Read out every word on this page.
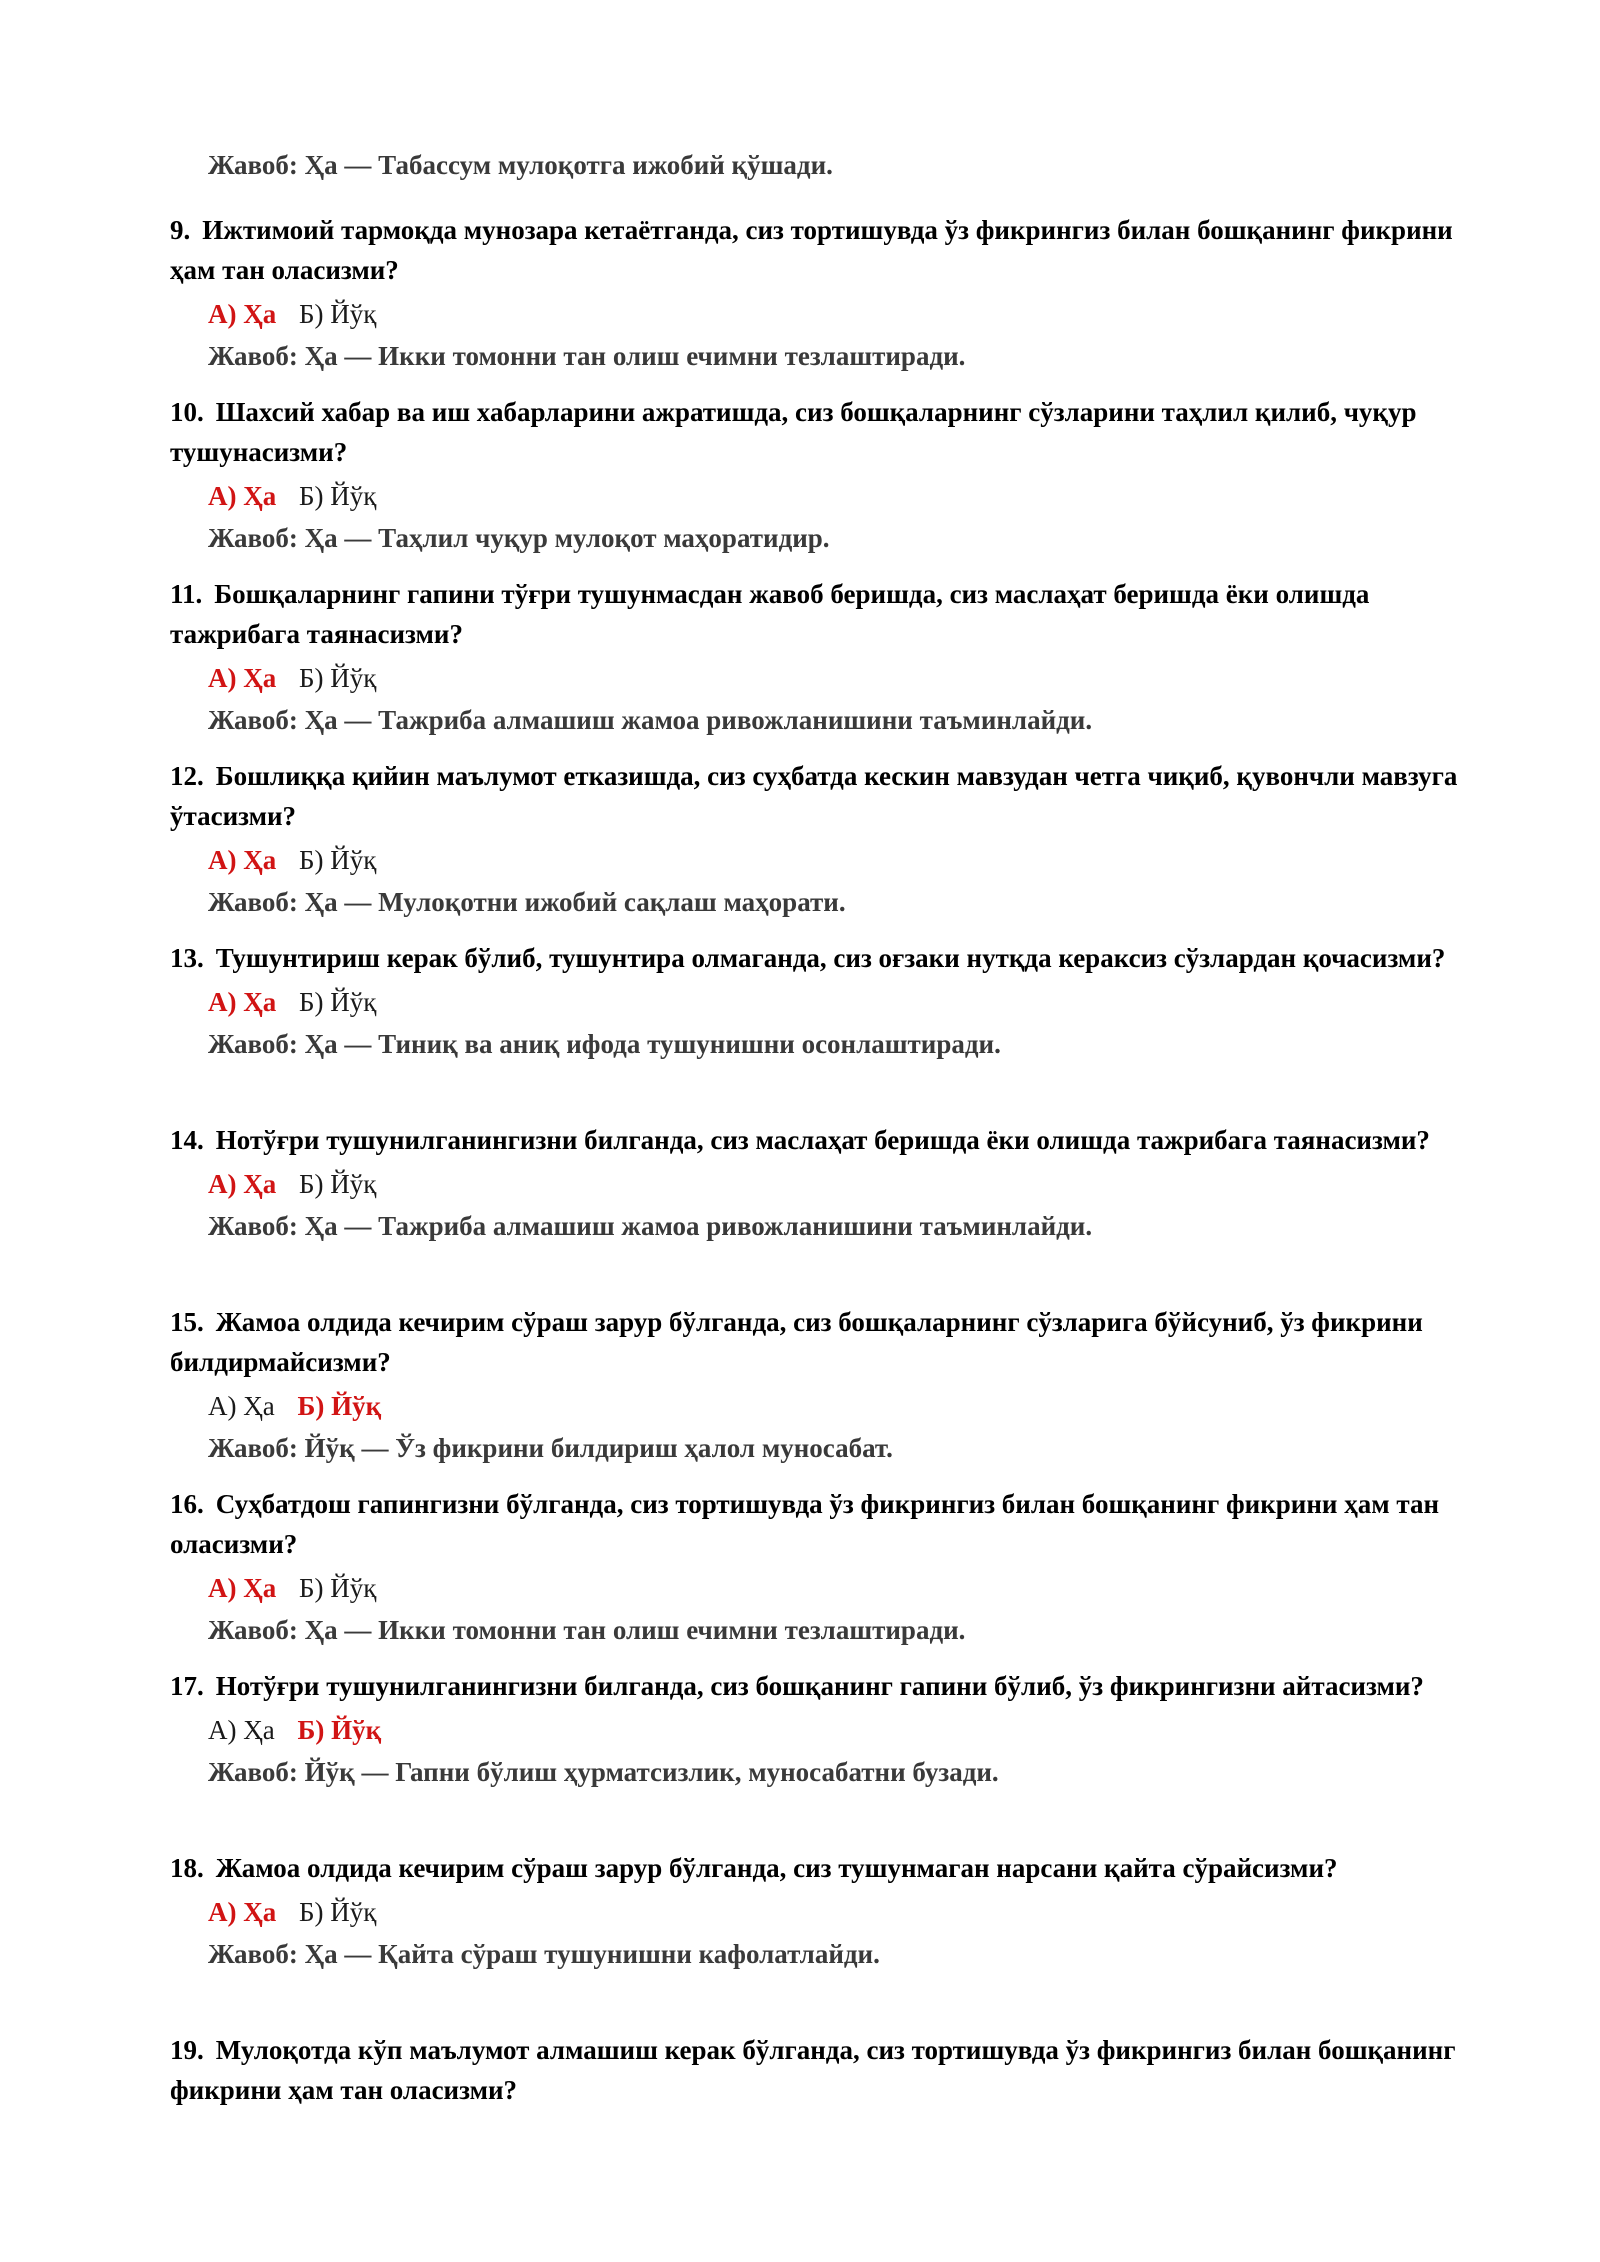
Жавоб: Ҳа — Табассум мулоқотга ижобий қўшади.

9. Ижтимоий тармоқда мунозара кетаётганда, сиз тортишувда ўз фикрингиз билан бошқанинг фикрини ҳам тан оласизми?

А) Ҳа Б) Йўқ
Жавоб: Ҳа — Икки томонни тан олиш ечимни тезлаштиради.

10. Шахсий хабар ва иш хабарларини ажратишда, сиз бошқаларнинг сўзларини таҳлил қилиб, чуқур тушунасизми?

А) Ҳа Б) Йўқ
Жавоб: Ҳа — Таҳлил чуқур мулоқот маҳоратидир.

11. Бошқаларнинг гапини тўғри тушунмасдан жавоб беришда, сиз маслаҳат беришда ёки олишда тажрибага таянасизми?

А) Ҳа Б) Йўқ
Жавоб: Ҳа — Тажриба алмашиш жамоа ривожланишини таъминлайди.

12. Бошлиққа қийин маълумот етказишда, сиз суҳбатда кескин мавзудан четга чиқиб, қувончли мавзуга ўтасизми?

А) Ҳа Б) Йўқ
Жавоб: Ҳа — Мулоқотни ижобий сақлаш маҳорати.

13. Тушунтириш керак бўлиб, тушунтира олмаганда, сиз оғзаки нутқда кераксиз сўзлардан қочасизми?

А) Ҳа Б) Йўқ
Жавоб: Ҳа — Тиниқ ва аниқ ифода тушунишни осонлаштиради.

14. Нотўғри тушунилганингизни билганда, сиз маслаҳат беришда ёки олишда тажрибага таянасизми?

А) Ҳа Б) Йўқ
Жавоб: Ҳа — Тажриба алмашиш жамоа ривожланишини таъминлайди.

15. Жамоа олдида кечирим сўраш зарур бўлганда, сиз бошқаларнинг сўзларига бўйсуниб, ўз фикрини билдирмайсизми?

А) Ҳа Б) Йўқ
Жавоб: Йўқ — Ўз фикрини билдириш ҳалол муносабат.

16. Суҳбатдош гапингизни бўлганда, сиз тортишувда ўз фикрингиз билан бошқанинг фикрини ҳам тан оласизми?

А) Ҳа Б) Йўқ
Жавоб: Ҳа — Икки томонни тан олиш ечимни тезлаштиради.

17. Нотўғри тушунилганингизни билганда, сиз бошқанинг гапини бўлиб, ўз фикрингизни айтасизми?

А) Ҳа Б) Йўқ
Жавоб: Йўқ — Гапни бўлиш ҳурматсизлик, муносабатни бузади.

18. Жамоа олдида кечирим сўраш зарур бўлганда, сиз тушунмаган нарсани қайта сўрайсизми?

А) Ҳа Б) Йўқ
Жавоб: Ҳа — Қайта сўраш тушунишни кафолатлайди.

19. Мулоқотда кўп маълумот алмашиш керак бўлганда, сиз тортишувда ўз фикрингиз билан бошқанинг фикрини ҳам тан оласизми?
